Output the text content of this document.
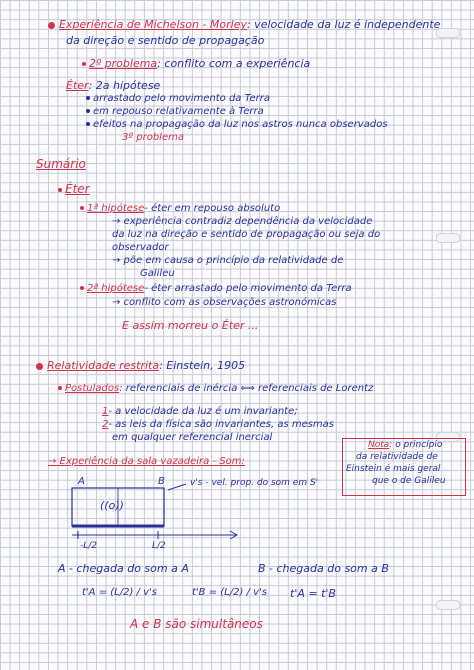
Experiência de Michelson - Morley: velocidade da luz é independente
da direção e sentido de propagação
2º problema: conflito com a experiência
Éter: 2a hipótese
arrastado pelo movimento da Terra
em repouso relativamente à Terra
efeitos na propagação da luz nos astros nunca observados
3º problema
Sumário
Éter
1ª hipótese- éter em repouso absoluto
→ experiência contradiz dependência da velocidade
da luz na direção e sentido de propagação ou seja do
observador
→ põe em causa o princípio da relatividade de
Galileu
2ª hipótese- éter arrastado pelo movimento da Terra
→ conflito com as observações astronómicas
E assim morreu o Éter ...
Relatividade restrita: Einstein, 1905
Postulados: referenciais de inércia ⟺ referenciais de Lorentz
1- a velocidade da luz é um invariante;
2- as leis da física são invariantes, as mesmas
em qualquer referencial inercial
Nota: o princípio
da relatividade de
Einstein é mais geral
que o de Galileu
→ Experiência da sala vazadeira - Som:
A	B
((o))
v's - vel. prop. do som em S'
-L/2	L/2
A - chegada do som a A	B - chegada do som a B
t'A = (L/2) / v's	t'B = (L/2) / v's t'A = t'B
A e B são simultâneos
